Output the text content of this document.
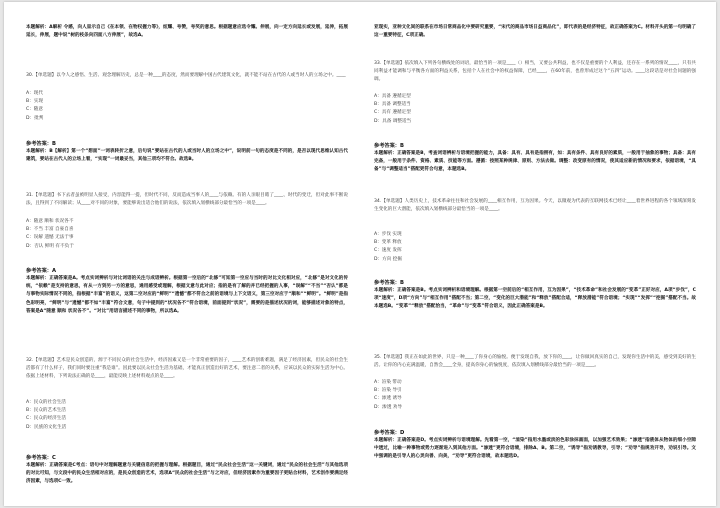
本题解析：A解析 令感，向人显示自己《在本领、在物权握力等》，炫耀、夸赞，夸奖的意思。根据题意应选令耀。伸展，向一定方向延长或发展，延伸，拓展延长，伸展，题中说“树的枝条向四面八方伸展”，故选A。

30.【单选题】以今人之感悟、生活、观念理解历史，总是一种____的态度，然而要理解中国古代建筑文化，就不能不站在古代的人或当时人的立场之中。____

A：现代

B：实现

C：随意

D：批判

参考答案：B

本题解析：B【解析】第一个“想面”一词表转折之意，后句说“要站在古代的人或当时人的立场之中”，说明前一句的态度是不同的，是否以现代思维认知古代建筑，要站在古代人的立场上看，“实现”一词最妥当，其他三项均不符合。故选B。

31.【单选题】书下去者虽被明显人接受，内容能得一提，但时代不同，反而造成当事人的____与依赖。有的人亲眼目睹了____、时代的变迁，但对此事不断说法，且得到了不同解读；从____对不同的对象，要能够说出适合他们的说法，依次填入划横线部分最恰当的一项是____。

A：随意 顺和 状况各不

B：不当 丰富 自豪自喜

C：误解 遗憾 无法于事

D：否认 鲜明 有不负于

参考答案：A

本题解析：正确答案是A。考点实词辨析与对比词语的关注与成语辨析。根据第一空后的“北修”可知第一空应与当时的对比文化相对应，“北修”是对文化的传统，“依赖”是支持的意思，有从一方到另一方的意思，通用感受或理解，根据文意与此对应；指的是有了解的并已经把握的人事，“误解”“不当”“否认”都是与事物实际情况不同的，指根据“丰富”的语义，这第二空对应的“鲜明”“遗憾”都不符合之前的语境与上下文语义，第三空对应于“顺和”“鲜明”。“鲜明”是指色彩明亮，“鲜明”与“遗憾”都不如“丰富”符合文意，句子中提到的“状况各不”符合语境，前面提到“状况”，需要的是描述状况的词，能够描述对象的特点，答案是A“随意 顺和 状况各不”。“对比”用语言描述不同的事物，所以选A。

32.【单选题】艺术是民众创造的，源于不同民众的社会生活中，经济因素又是一个非常重要的因子，____艺术的创新难题，满足了经济因素，但民众的社会生活都有了什么样子，我们同时要注重“我是谁”。因此要以民众社会生活为基础，才能真正创造出好的艺术，要注意二者的关系，应该以民众的实际生活为中心。依据上述材料，下列说法正确的是____，最能反映上述材料观点的是____。

A：民众的社会生活

B：民众的艺术生活

C：民众的经济生活

D：民族的文化生活

参考答案：C

本题解析：正确答案是C考点：语句中对理解题意与关键信息的把握与理解。根据题目，通过“民众社会生活”这一关键词，通过“民众的社会生活”与其他选项的对比可知，与文段中的民众生活相对应的，是民众创造的艺术，选项A“民众的社会生活”与之对应，但经济因素作为重要因子更贴合材料，艺术创作要满足经济因素，与选项C一致。

亚现实，亚种文化间的联系在市场日常商品化中要研究重要，“宋代的商品市场日益商品化”，即代表的是经济特征，故正确答案为C。材料开头的第一句明确了这一重要特征，C项正确。

33.【单选题】依次填入下列各句横线处的词语，最恰当的一项是____（）相当，又要公共利益，也不仅是重要的个人利益，还存在一系列的情况____，只有共同利益才能调和与平衡各方面的利益关系，包括个人在社会中的权益保障，已经____，在60年前，也曾形成过这个“五四”运动。____这段话是对社会问题的强调。

A：具备 遵循定型

B：具备 调整适当

C：具有 遵循定型

D：具备 调整适当

参考答案：B

本题解析：正确答案是B，考查词语辨析与语境把握的能力，具备：具有、具有是指拥有，如：具有条件、具有良好的素质，一般用于抽象的事物；具备：具有完备，一般用于条件、资格、素质、技能等方面。遵循：按照某种规律、原则、方法去做。调整：改变原有的情况，使其适应新的情况和要求，依据语境，“具备”与“调整适当”搭配更符合句意，本题选B。

34.【单选题】人类历史上，技术革命往往和社会发展的____相互作用，互为因果。今天，以微观为代表的互联网技术已经让____着世界进程的各个领域深刻发生变化的巨大潜能，依次填入划横线部分最恰当的一项是____。

A：步伐 实现

B：变革 释放

C：速度 发挥

D：方向 挖掘

参考答案：B

本题解析：正确答案是B。考点实词辨析和语境理解。根据第一空前后的“相互作用，互为因果”，“技术革命”和社会发展的“变革”正好对应，A项“步伐”，C项“速度”，D项“方向”与“相互作用”搭配不当；第二空，“变化的巨大潜能”和“释放”搭配合适，“释放潜能”符合语境；“实现”“发挥”“挖掘”搭配不当。故本题选B。“变革”“释放”搭配恰当，“革命”与“变革”符合语义，因此正确答案是B。

35.【单选题】我正在如此的世界，只是一种____了你身心的愉悦。便于发现自我，放下你的____，让你做回真实的自己，发现你生活中的美，感受到美好的生活。让你的内心充满温暖，自然会____全身，提高你身心的愉悦度，依次填入划横线部分最恰当的一项是____。

A：渲染 带动

B：渲染 导引

C：渗透 诱导

D：渗透 劝导

参考答案：D

本题解析：正确答案是D。考点实词辨析与语境理解。先看第一空，“渲染”指用水墨或淡的色彩涂抹画面，以加强艺术效果；“渗透”指液体从物体的细小空隙中透过，比喻一种事物或势力逐渐进入到其他方面。“渗透”更符合语境，排除A、B。第二空，“诱导”指劝诱教导，引导；“劝导”指规劝开导，劝说引导。文中强调的是引导人的心灵向善、向美，“劝导”更符合语境，故本题选D。
